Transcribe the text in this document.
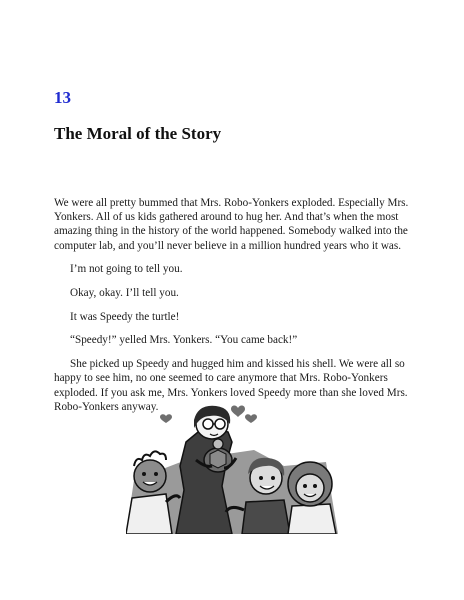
13
The Moral of the Story

We were all pretty bummed that Mrs. Robo-Yonkers exploded. Especially Mrs. Yonkers. All of us kids gathered around to hug her. And that’s when the most amazing thing in the history of the world happened. Somebody walked into the computer lab, and you’ll never believe in a million hundred years who it was.

I’m not going to tell you.

Okay, okay. I’ll tell you.

It was Speedy the turtle!

“Speedy!” yelled Mrs. Yonkers. “You came back!”

She picked up Speedy and hugged him and kissed his shell. We were all so happy to see him, no one seemed to care anymore that Mrs. Robo-Yonkers exploded. If you ask me, Mrs. Yonkers loved Speedy more than she loved Mrs. Robo-Yonkers anyway.
